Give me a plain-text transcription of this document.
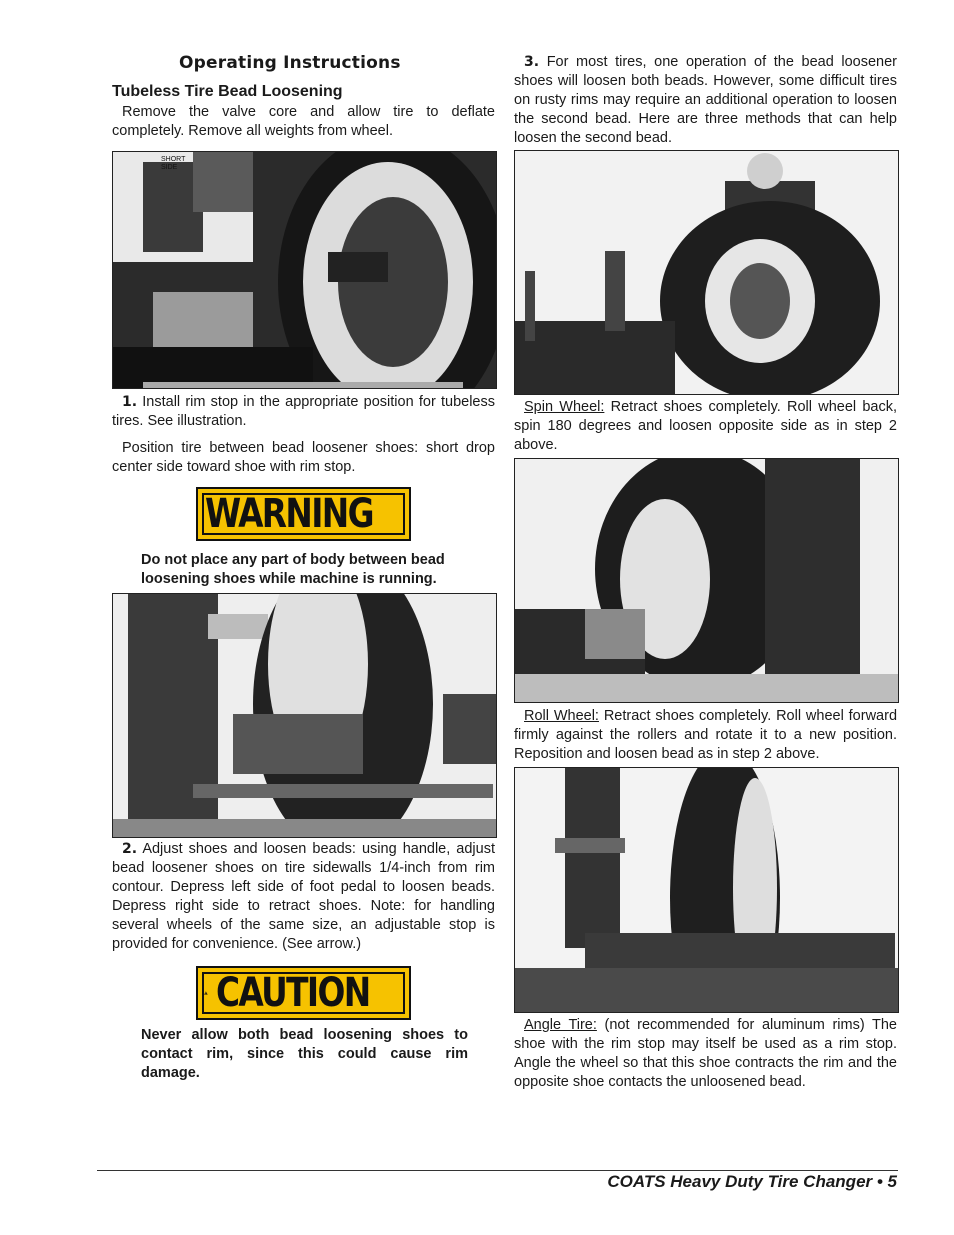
Operating Instructions
Tubeless Tire Bead Loosening
Remove the valve core and allow tire to deflate completely. Remove all weights from wheel.
SHORT SIDE
1. Install rim stop in the appropriate position for tubeless tires. See illustration.
Position tire between bead loosener shoes: short drop center side toward shoe with rim stop.
WARNING
Do not place any part of body between bead loosening shoes while machine is running.
2. Adjust shoes and loosen beads: using handle, adjust bead loosener shoes on tire sidewalls 1/4-inch from rim contour. Depress left side of foot pedal to loosen beads. Depress right side to retract shoes. Note: for handling several wheels of the same size, an adjustable stop is provided for convenience. (See arrow.)
CAUTION
Never allow both bead loosening shoes to contact rim, since this could cause rim damage.
3. For most tires, one operation of the bead loosener shoes will loosen both beads. However, some difficult tires on rusty rims may require an additional operation to loosen the second bead. Here are three methods that can help loosen the second bead.
Spin Wheel: Retract shoes completely. Roll wheel back, spin 180 degrees and loosen opposite side as in step 2 above.
Roll Wheel: Retract shoes completely. Roll wheel forward firmly against the rollers and rotate it to a new position. Reposition and loosen bead as in step 2 above.
Angle Tire: (not recommended for aluminum rims) The shoe with the rim stop may itself be used as a rim stop. Angle the wheel so that this shoe contracts the rim and the opposite shoe contacts the unloosened bead.
COATS Heavy Duty Tire Changer • 5
